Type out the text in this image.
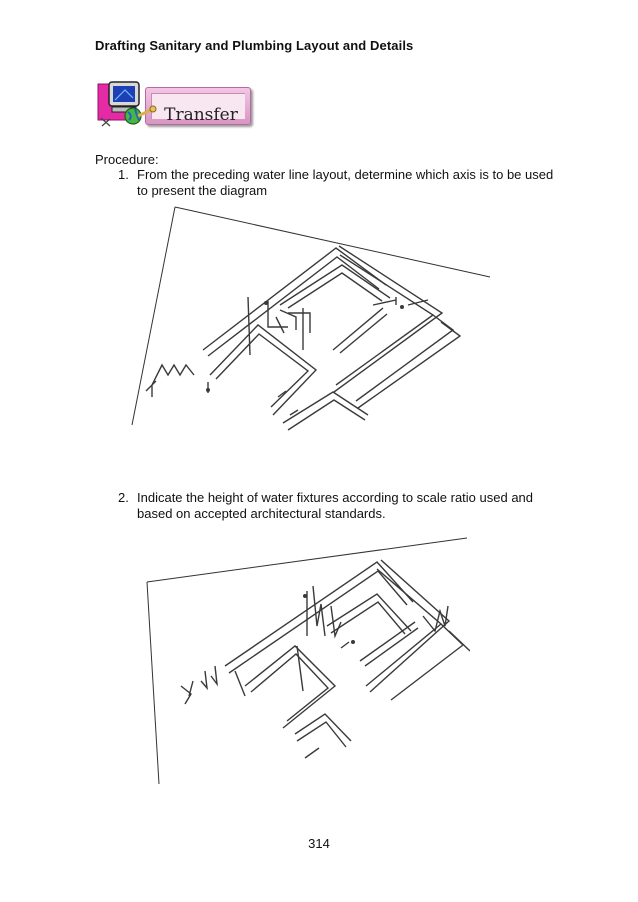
Drafting Sanitary and Plumbing Layout and Details
Transfer
Procedure:
1. From the preceding water line layout, determine which axis is to be used to present the diagram
2. Indicate the height of water fixtures according to scale ratio used and based on accepted architectural standards.
314
